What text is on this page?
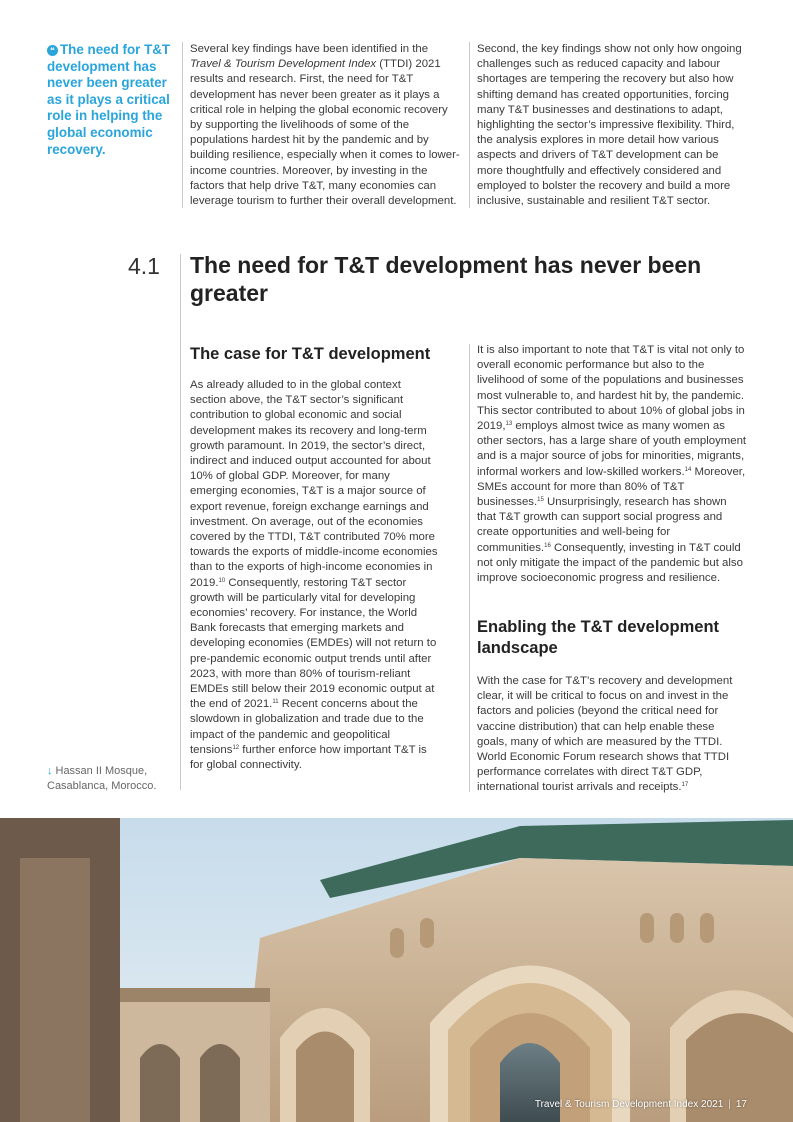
❝ The need for T&T development has never been greater as it plays a critical role in helping the global economic recovery.

Several key findings have been identified in the Travel & Tourism Development Index (TTDI) 2021 results and research. First, the need for T&T development has never been greater as it plays a critical role in helping the global economic recovery by supporting the livelihoods of some of the populations hardest hit by the pandemic and by building resilience, especially when it comes to lower-income countries. Moreover, by investing in the factors that help drive T&T, many economies can leverage tourism to further their overall development.

Second, the key findings show not only how ongoing challenges such as reduced capacity and labour shortages are tempering the recovery but also how shifting demand has created opportunities, forcing many T&T businesses and destinations to adapt, highlighting the sector’s impressive flexibility. Third, the analysis explores in more detail how various aspects and drivers of T&T development can be more thoughtfully and effectively considered and employed to bolster the recovery and build a more inclusive, sustainable and resilient T&T sector.

4.1 The need for T&T development has never been greater
The case for T&T development

As already alluded to in the global context section above, the T&T sector’s significant contribution to global economic and social development makes its recovery and long-term growth paramount. In 2019, the sector’s direct, indirect and induced output accounted for about 10% of global GDP. Moreover, for many emerging economies, T&T is a major source of export revenue, foreign exchange earnings and investment. On average, out of the economies covered by the TTDI, T&T contributed 70% more towards the exports of middle-income economies than to the exports of high-income economies in 2019.10 Consequently, restoring T&T sector growth will be particularly vital for developing economies’ recovery. For instance, the World Bank forecasts that emerging markets and developing economies (EMDEs) will not return to pre-pandemic economic output trends until after 2023, with more than 80% of tourism-reliant EMDEs still below their 2019 economic output at the end of 2021.11 Recent concerns about the slowdown in globalization and trade due to the impact of the pandemic and geopolitical tensions$^{12}$ further enforce how important T&T is for global connectivity.

It is also important to note that T&T is vital not only to overall economic performance but also to the livelihood of some of the populations and businesses most vulnerable to, and hardest hit by, the pandemic. This sector contributed to about 10% of global jobs in 2019,13 employs almost twice as many women as other sectors, has a large share of youth employment and is a major source of jobs for minorities, migrants, informal workers and low-skilled workers.$^{14}$ Moreover, SMEs account for more than 80% of T&T businesses.$^{15}$ Unsurprisingly, research has shown that T&T growth can support social progress and create opportunities and well-being for communities.$^{16}$ Consequently, investing in T&T could not only mitigate the impact of the pandemic but also improve socioeconomic progress and resilience.

Enabling the T&T development landscape

With the case for T&T’s recovery and development clear, it will be critical to focus on and invest in the factors and policies (beyond the critical need for vaccine distribution) that can help enable these goals, many of which are measured by the TTDI. World Economic Forum research shows that TTDI performance correlates with direct T&T GDP, international tourist arrivals and receipts.$^{17}$

↓ Hassan II Mosque, Casablanca, Morocco.
Travel & Tourism Development Index 2021 | 17
